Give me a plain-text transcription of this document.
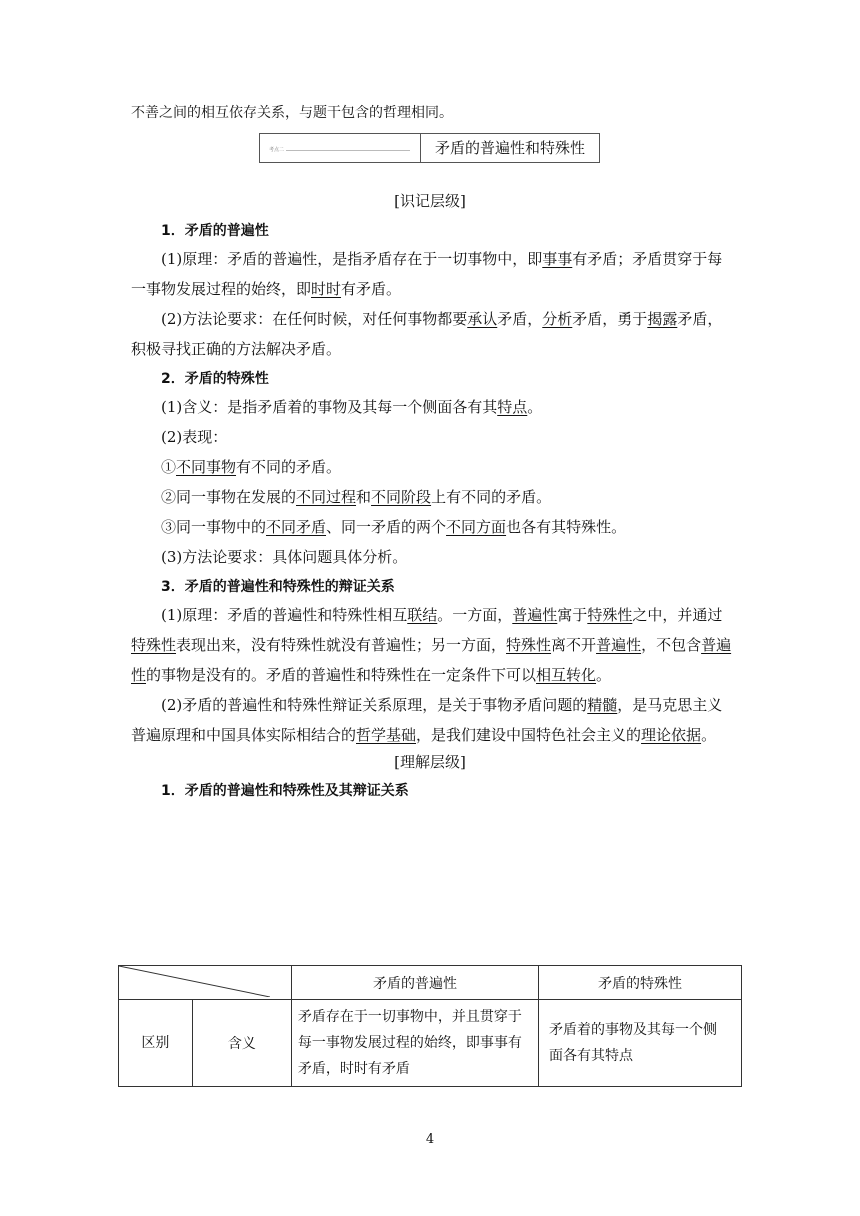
不善之间的相互依存关系，与题干包含的哲理相同。
考点二	矛盾的普遍性和特殊性
[识记层级]
1．矛盾的普遍性
(1)原理：矛盾的普遍性，是指矛盾存在于一切事物中，即事事有矛盾；矛盾贯穿于每
一事物发展过程的始终，即时时有矛盾。
(2)方法论要求：在任何时候，对任何事物都要承认矛盾，分析矛盾，勇于揭露矛盾，
积极寻找正确的方法解决矛盾。
2．矛盾的特殊性
(1)含义：是指矛盾着的事物及其每一个侧面各有其特点。
(2)表现：
①不同事物有不同的矛盾。
②同一事物在发展的不同过程和不同阶段上有不同的矛盾。
③同一事物中的不同矛盾、同一矛盾的两个不同方面也各有其特殊性。
(3)方法论要求：具体问题具体分析。
3．矛盾的普遍性和特殊性的辩证关系
(1)原理：矛盾的普遍性和特殊性相互联结。一方面，普遍性寓于特殊性之中，并通过
特殊性表现出来，没有特殊性就没有普遍性；另一方面，特殊性离不开普遍性，不包含普遍
性的事物是没有的。矛盾的普遍性和特殊性在一定条件下可以相互转化。
(2)矛盾的普遍性和特殊性辩证关系原理，是关于事物矛盾问题的精髓，是马克思主义
普遍原理和中国具体实际相结合的哲学基础，是我们建设中国特色社会主义的理论依据。
[理解层级]
1．矛盾的普遍性和特殊性及其辩证关系
	矛盾的普遍性	矛盾的特殊性
区别	含义	矛盾存在于一切事物中，并且贯穿于每一事物发展过程的始终，即事事有矛盾，时时有矛盾	矛盾着的事物及其每一个侧面各有其特点
4
